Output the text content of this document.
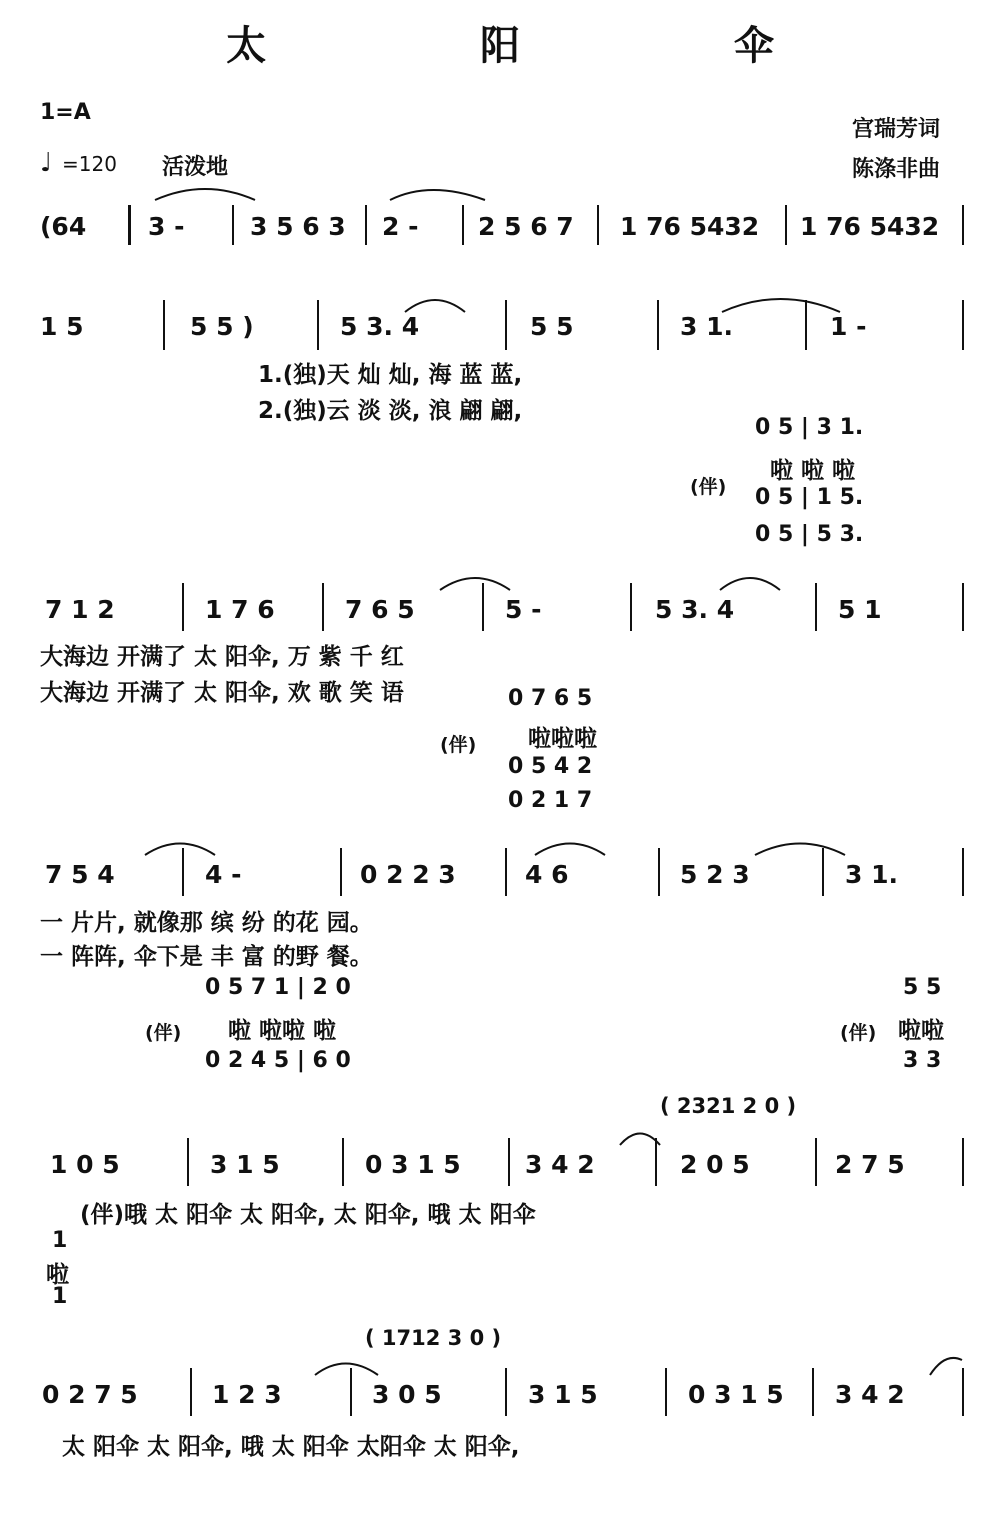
太 阳 伞
1=A
♩ =120 活泼地
宫瑞芳词
陈涤非曲
(64 3 -	3 5 6 3 2 - 2 5 6 7 1 76 5432 1 76 5432
1 5	5 5 )	5 3. 4	5 5	3 1.	1 -
1.(独)天 灿 灿, 海 蓝 蓝,
2.(独)云 淡 淡, 浪 翩 翩,
(伴)
0 5 | 3 1.
啦 啦 啦
0 5 | 1 5.
0 5 | 5 3.
7 1 2	1 7 6	7 6 5	5 -	5 3. 4	5 1
大海边 开满了 太 阳伞, 万 紫 千 红
大海边 开满了 太 阳伞, 欢 歌 笑 语
(伴)
0 7 6 5
啦啦啦
0 5 4 2
0 2 1 7
7 5 4	4 -	0 2 2 3	4 6	5 2 3	3 1.
一 片片, 就像那 缤 纷 的花 园。
一 阵阵, 伞下是 丰 富 的野 餐。
(伴)
0 5 7 1 | 2 0
啦 啦啦 啦
0 2 4 5 | 6 0
(伴)
5 5
啦啦
3 3
( 2321 2 0 )
1 0 5	3 1 5	0 3 1 5	3 4 2	2 0 5	2 7 5
(伴)哦 太 阳伞 太 阳伞, 太 阳伞, 哦 太 阳伞
1
啦
1
( 1712 3 0 )
0 2 7 5	1 2 3	3 0 5	3 1 5	0 3 1 5 3 4 2
太 阳伞 太 阳伞, 哦 太 阳伞 太阳伞 太 阳伞,
